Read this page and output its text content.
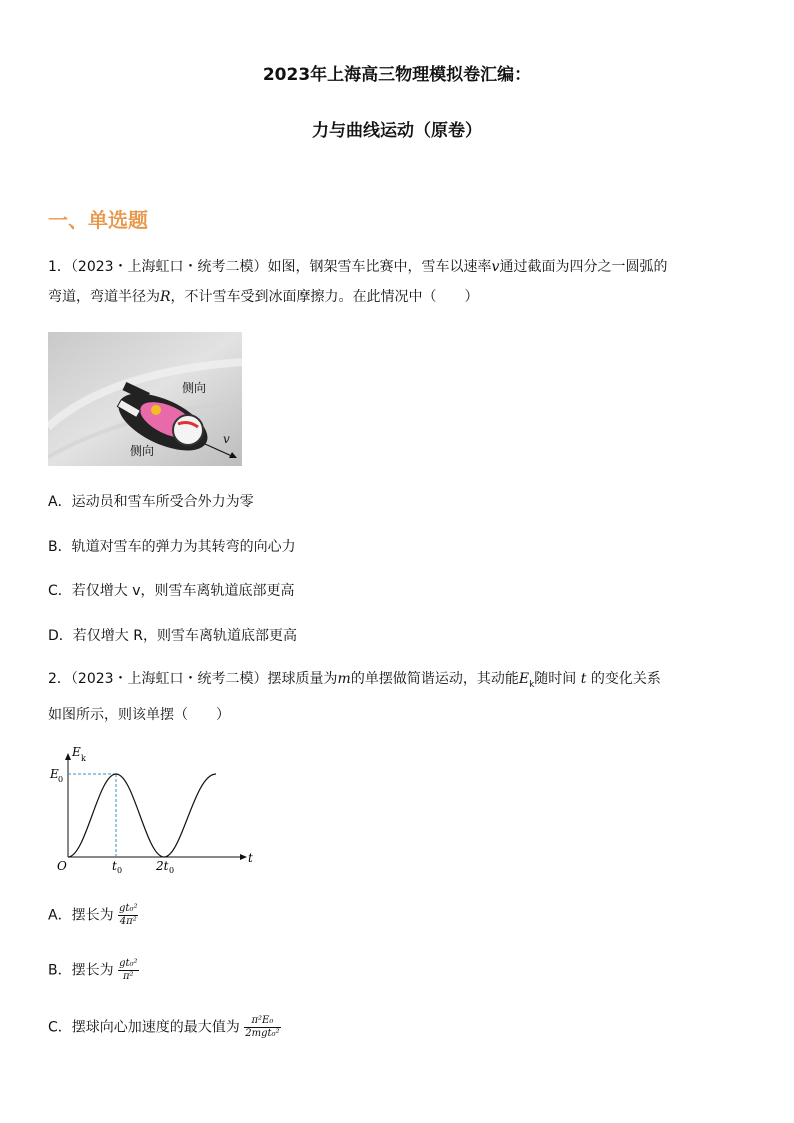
2023年上海高三物理模拟卷汇编：
力与曲线运动（原卷）
一、单选题
1．（2023・上海虹口・统考二模）如图，钢架雪车比赛中，雪车以速率v通过截面为四分之一圆弧的
弯道，弯道半径为R，不计雪车受到冰面摩擦力。在此情况中（　　）
侧向
侧向
v
A．运动员和雪车所受合外力为零
B．轨道对雪车的弹力为其转弯的向心力
C．若仅增大 v，则雪车离轨道底部更高
D．若仅增大 R，则雪车离轨道底部更高
2．（2023・上海虹口・统考二模）摆球质量为m的单摆做简谐运动，其动能$E_k$随时间 t 的变化关系
如图所示，则该单摆（　　）
E k
E 0
O	t 0	2t 0
t
A．摆长为 $\frac{\text{gt₀²}}{\text{4π²}}$
B．摆长为 $\frac{\text{gt₀²}}{\text{π²}}$
C．摆球向心加速度的最大值为 $\frac{\text{π²E₀}}{\text{2mgt₀²}}$
